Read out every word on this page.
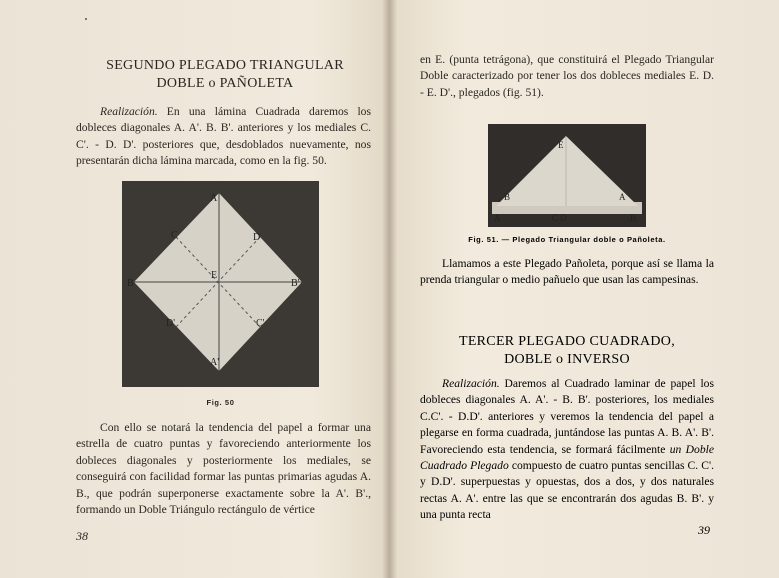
SEGUNDO PLEGADO TRIANGULAR
DOBLE o PAÑOLETA

Realización. En una lámina Cuadrada daremos los dobleces diagonales A. A'. B. B'. anteriores y los mediales C. C'. - D. D'. posteriores que, desdoblados nuevamente, nos presentarán dicha lámina marcada, como en la fig. 50.

A
A'
B	B'
C
C'
D
D'
E
Fig. 50

Con ello se notará la tendencia del papel a formar una estrella de cuatro puntas y favoreciendo anteriormente los dobleces diagonales y posteriormente los mediales, se conseguirá con facilidad formar las puntas primarias agudas A. B., que podrán superponerse exactamente sobre la A'. B'., formando un Doble Triángulo rectángulo de vértice

38

en E. (punta tetrágona), que constituirá el Plegado Triangular Doble caracterizado por tener los dos dobleces mediales E. D. - E. D'., plegados (fig. 51).

E
B	A
A	C D	B
Fig. 51. — Plegado Triangular doble o Pañoleta.

Llamamos a este Plegado Pañoleta, porque así se llama la prenda triangular o medio pañuelo que usan las campesinas.

TERCER PLEGADO CUADRADO,
DOBLE o INVERSO

Realización. Daremos al Cuadrado laminar de papel los dobleces diagonales A. A'. - B. B'. posteriores, los mediales C.C'. - D.D'. anteriores y veremos la tendencia del papel a plegarse en forma cuadrada, juntándose las puntas A. B. A'. B'. Favoreciendo esta tendencia, se formará fácilmente un Doble Cuadrado Plegado compuesto de cuatro puntas sencillas C. C'. y D.D'. superpuestas y opuestas, dos a dos, y dos naturales rectas A. A'. entre las que se encontrarán dos agudas B. B'. y una punta recta

39
